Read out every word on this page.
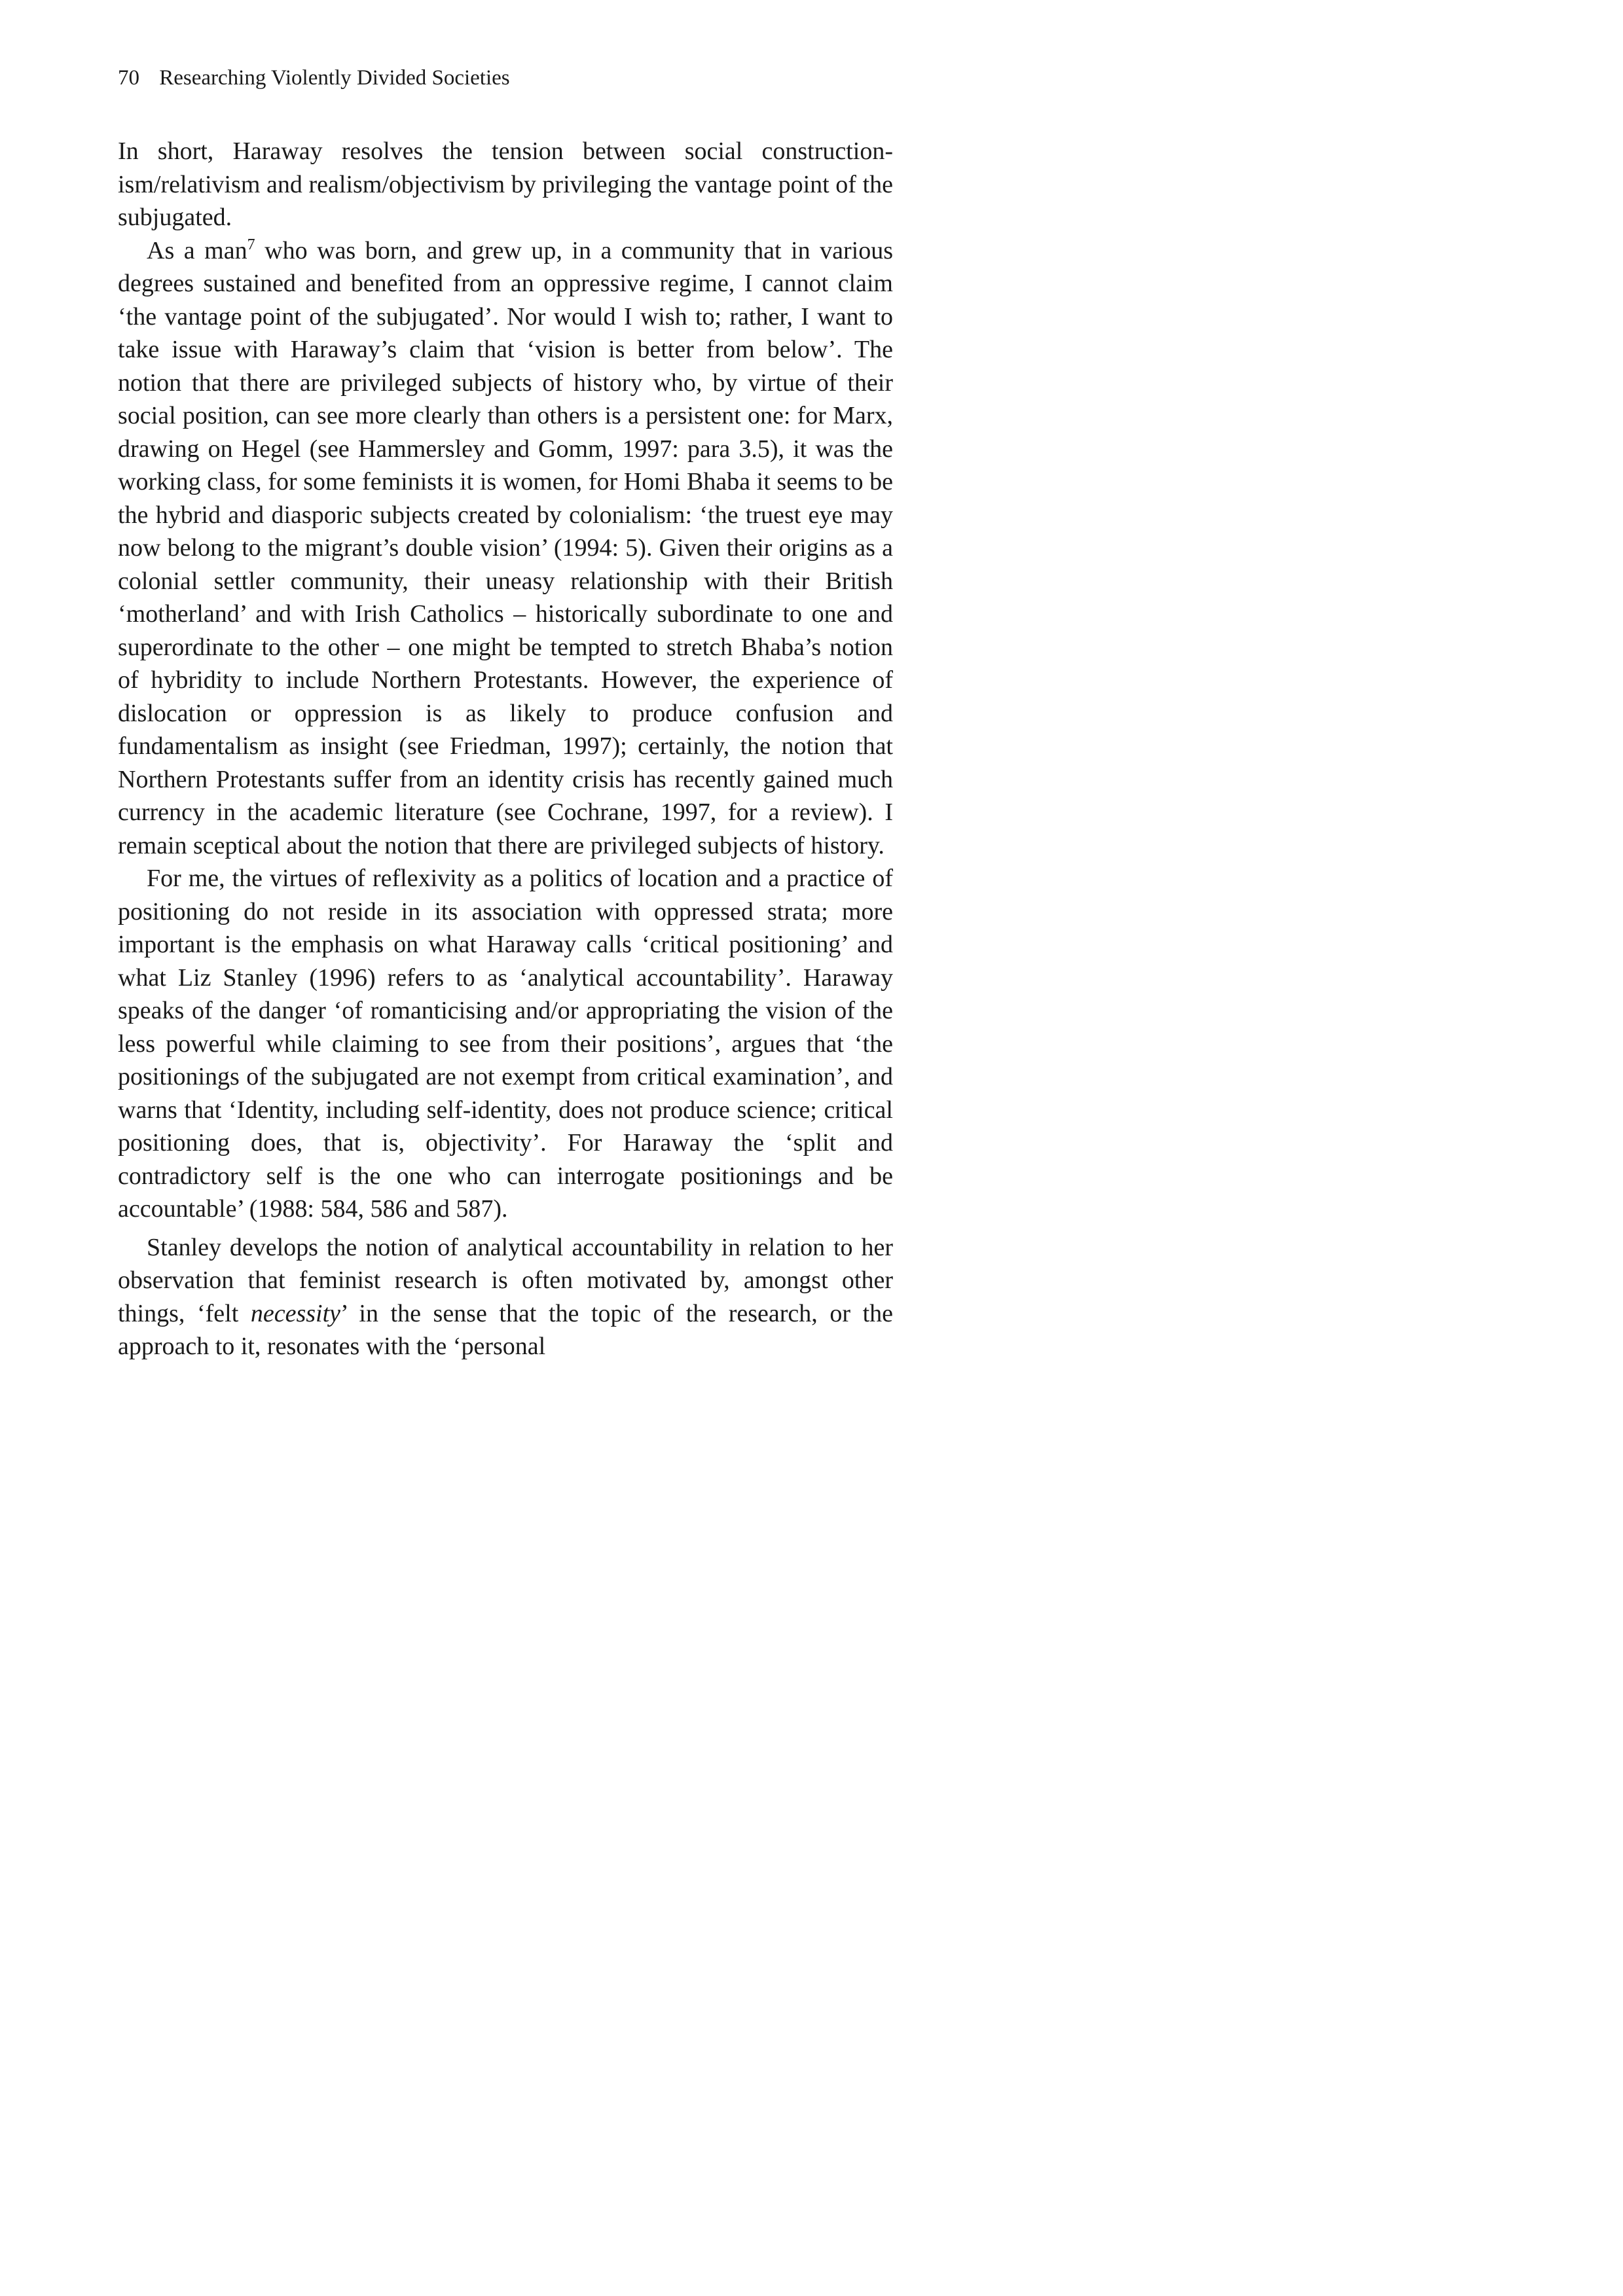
70 Researching Violently Divided Societies

In short, Haraway resolves the tension between social constructionism/relativism and realism/objectivism by privileging the vantage point of the subjugated.

As a man$^7$ who was born, and grew up, in a community that in various degrees sustained and benefited from an oppressive regime, I cannot claim ‘the vantage point of the subjugated’. Nor would I wish to; rather, I want to take issue with Haraway’s claim that ‘vision is better from below’. The notion that there are privileged subjects of history who, by virtue of their social position, can see more clearly than others is a persistent one: for Marx, drawing on Hegel (see Hammersley and Gomm, 1997: para 3.5), it was the working class, for some feminists it is women, for Homi Bhaba it seems to be the hybrid and diasporic subjects created by colonialism: ‘the truest eye may now belong to the migrant’s double vision’ (1994: 5). Given their origins as a colonial settler community, their uneasy relationship with their British ‘motherland’ and with Irish Catholics – historically subordinate to one and superordinate to the other – one might be tempted to stretch Bhaba’s notion of hybridity to include Northern Protestants. However, the experience of dislocation or oppression is as likely to produce confusion and fundamentalism as insight (see Friedman, 1997); certainly, the notion that Northern Protestants suffer from an identity crisis has recently gained much currency in the academic literature (see Cochrane, 1997, for a review). I remain sceptical about the notion that there are privileged subjects of history.

For me, the virtues of reflexivity as a politics of location and a practice of positioning do not reside in its association with oppressed strata; more important is the emphasis on what Haraway calls ‘critical positioning’ and what Liz Stanley (1996) refers to as ‘analytical accountability’. Haraway speaks of the danger ‘of romanticising and/or appropriating the vision of the less powerful while claiming to see from their positions’, argues that ‘the positionings of the subjugated are not exempt from critical examination’, and warns that ‘Identity, including self-identity, does not produce science; critical positioning does, that is, objectivity’. For Haraway the ‘split and contradictory self is the one who can interrogate positionings and be accountable’ (1988: 584, 586 and 587).

Stanley develops the notion of analytical accountability in relation to her observation that feminist research is often motivated by, amongst other things, ‘felt necessity’ in the sense that the topic of the research, or the approach to it, resonates with the ‘personal
